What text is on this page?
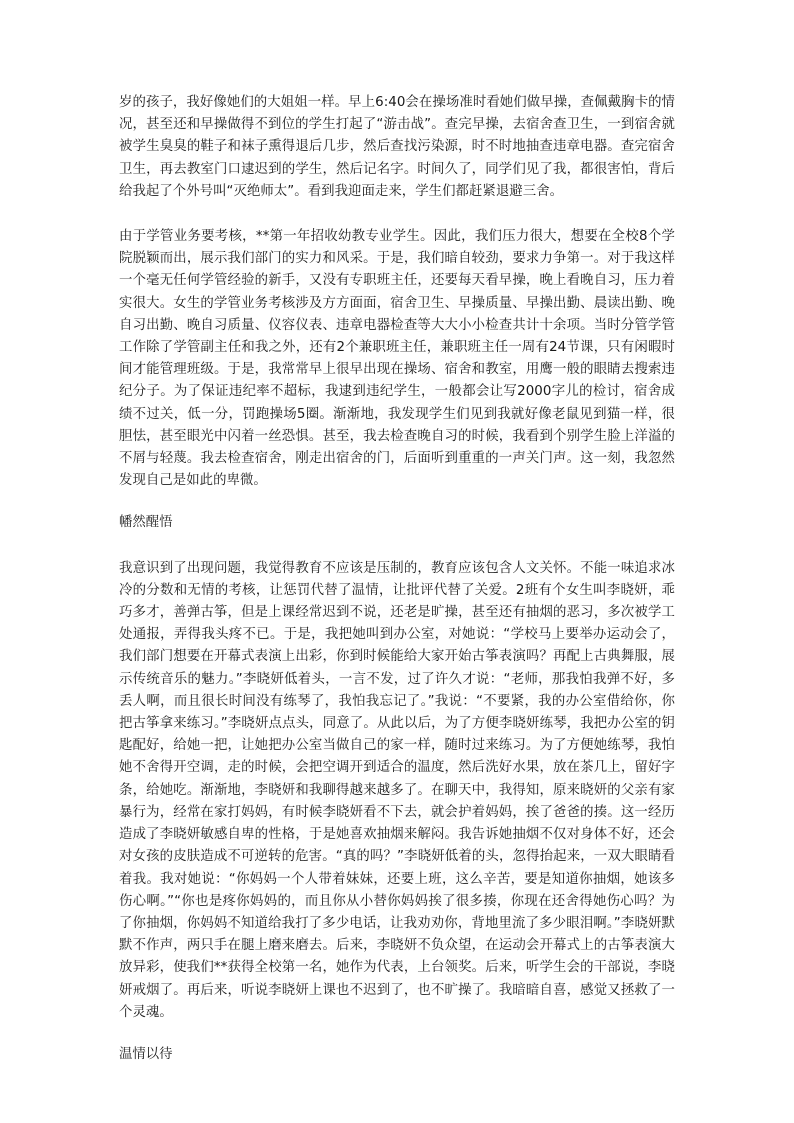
岁的孩子，我好像她们的大姐姐一样。早上6:40会在操场准时看她们做早操，查佩戴胸卡的情况，甚至还和早操做得不到位的学生打起了“游击战”。查完早操，去宿舍查卫生，一到宿舍就被学生臭臭的鞋子和袜子熏得退后几步，然后查找污染源，时不时地抽查违章电器。查完宿舍卫生，再去教室门口逮迟到的学生，然后记名字。时间久了，同学们见了我，都很害怕，背后给我起了个外号叫“灭绝师太”。看到我迎面走来，学生们都赶紧退避三舍。

由于学管业务要考核，**第一年招收幼教专业学生。因此，我们压力很大，想要在全校8个学院脱颖而出，展示我们部门的实力和风采。于是，我们暗自较劲，要求力争第一。对于我这样一个毫无任何学管经验的新手，又没有专职班主任，还要每天看早操，晚上看晚自习，压力着实很大。女生的学管业务考核涉及方方面面，宿舍卫生、早操质量、早操出勤、晨读出勤、晚自习出勤、晚自习质量、仪容仪表、违章电器检查等大大小小检查共计十余项。当时分管学管工作除了学管副主任和我之外，还有2个兼职班主任，兼职班主任一周有24节课，只有闲暇时间才能管理班级。于是，我常常早上很早出现在操场、宿舍和教室，用鹰一般的眼睛去搜索违纪分子。为了保证违纪率不超标，我逮到违纪学生，一般都会让写2000字儿的检讨，宿舍成绩不过关，低一分，罚跑操场5圈。渐渐地，我发现学生们见到我就好像老鼠见到猫一样，很胆怯，甚至眼光中闪着一丝恐惧。甚至，我去检查晚自习的时候，我看到个别学生脸上洋溢的不屑与轻蔑。我去检查宿舍，刚走出宿舍的门，后面听到重重的一声关门声。这一刻，我忽然发现自己是如此的卑微。

幡然醒悟

我意识到了出现问题，我觉得教育不应该是压制的，教育应该包含人文关怀。不能一味追求冰冷的分数和无情的考核，让惩罚代替了温情，让批评代替了关爱。2班有个女生叫李晓妍，乖巧多才，善弹古筝，但是上课经常迟到不说，还老是旷操，甚至还有抽烟的恶习，多次被学工处通报，弄得我头疼不已。于是，我把她叫到办公室，对她说：“学校马上要举办运动会了，我们部门想要在开幕式表演上出彩，你到时候能给大家开始古筝表演吗？再配上古典舞服，展示传统音乐的魅力。”李晓妍低着头，一言不发，过了许久才说：“老师，那我怕我弹不好，多丢人啊，而且很长时间没有练琴了，我怕我忘记了。”我说：“不要紧，我的办公室借给你，你把古筝拿来练习。”李晓妍点点头，同意了。从此以后，为了方便李晓妍练琴，我把办公室的钥匙配好，给她一把，让她把办公室当做自己的家一样，随时过来练习。为了方便她练琴，我怕她不舍得开空调，走的时候，会把空调开到适合的温度，然后洗好水果，放在茶几上，留好字条，给她吃。渐渐地，李晓妍和我聊得越来越多了。在聊天中，我得知，原来晓妍的父亲有家暴行为，经常在家打妈妈，有时候李晓妍看不下去，就会护着妈妈，挨了爸爸的揍。这一经历造成了李晓妍敏感自卑的性格，于是她喜欢抽烟来解闷。我告诉她抽烟不仅对身体不好，还会对女孩的皮肤造成不可逆转的危害。“真的吗？”李晓妍低着的头，忽得抬起来，一双大眼睛看着我。我对她说：“你妈妈一个人带着妹妹，还要上班，这么辛苦，要是知道你抽烟，她该多伤心啊。”“你也是疼你妈妈的，而且你从小替你妈妈挨了很多揍，你现在还舍得她伤心吗？为了你抽烟，你妈妈不知道给我打了多少电话，让我劝劝你，背地里流了多少眼泪啊。”李晓妍默默不作声，两只手在腿上磨来磨去。后来，李晓妍不负众望，在运动会开幕式上的古筝表演大放异彩，使我们**获得全校第一名，她作为代表，上台领奖。后来，听学生会的干部说，李晓妍戒烟了。再后来，听说李晓妍上课也不迟到了，也不旷操了。我暗暗自喜，感觉又拯救了一个灵魂。

温情以待
